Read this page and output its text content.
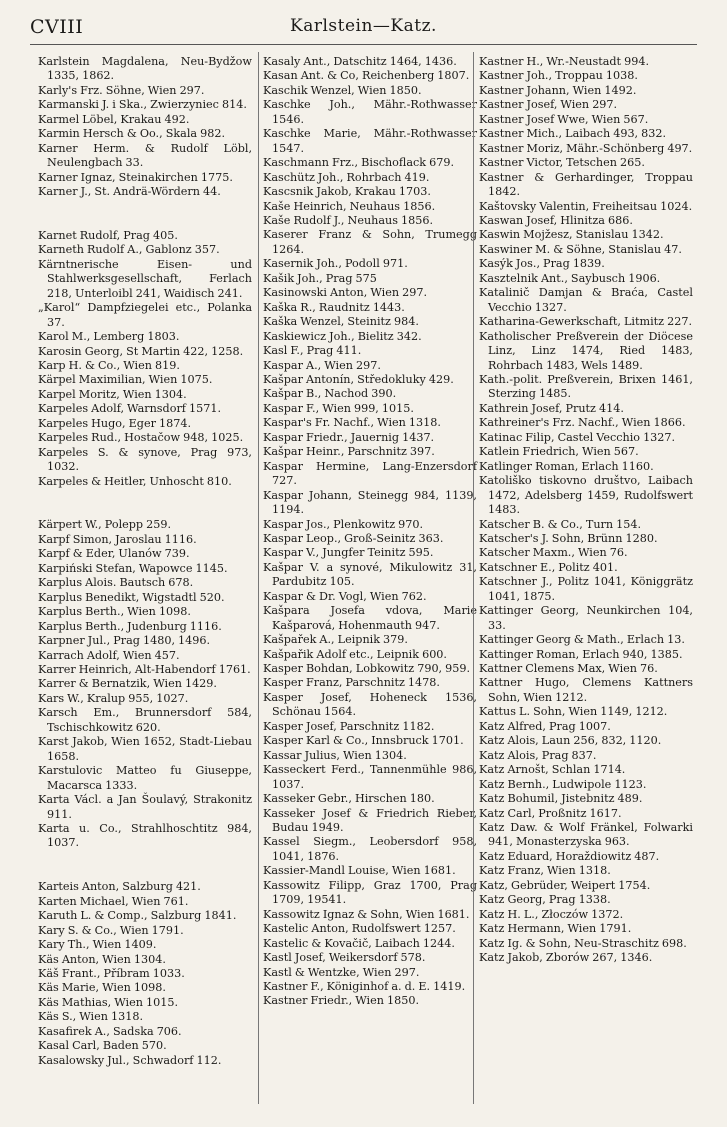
CVIII	Karlstein—Katz.

Karlstein Magdalena, Neu-Bydžow 1335, 1862.

Karly's Frz. Söhne, Wien 297.

Karmanski J. i Ska., Zwierzyniec 814.

Karmel Löbel, Krakau 492.

Karmin Hersch & Oo., Skala 982.

Karner Herm. & Rudolf Löbl, Neulengbach 33.

Karner Ignaz, Steinakirchen 1775.

Karner J., St. Andrä-Wördern 44.

Karnet Rudolf, Prag 405.

Karneth Rudolf A., Gablonz 357.

Kärntnerische Eisen- und Stahlwerksgesellschaft, Ferlach 218, Unterloibl 241, Waidisch 241.

„Karol“ Dampfziegelei etc., Polanka 37.

Karol M., Lemberg 1803.

Karosin Georg, St Martin 422, 1258.

Karp H. & Co., Wien 819.

Kärpel Maximilian, Wien 1075.

Karpel Moritz, Wien 1304.

Karpeles Adolf, Warnsdorf 1571.

Karpeles Hugo, Eger 1874.

Karpeles Rud., Hostačow 948, 1025.

Karpeles S. & synove, Prag 973, 1032.

Karpeles & Heitler, Unhoscht 810.

Kärpert W., Polepp 259.

Karpf Simon, Jaroslau 1116.

Karpf & Eder, Ulanów 739.

Karpiński Stefan, Wapowce 1145.

Karplus Alois. Bautsch 678.

Karplus Benedikt, Wigstadtl 520.

Karplus Berth., Wien 1098.

Karplus Berth., Judenburg 1116.

Karpner Jul., Prag 1480, 1496.

Karrach Adolf, Wien 457.

Karrer Heinrich, Alt-Habendorf 1761.

Karrer & Bernatzik, Wien 1429.

Kars W., Kralup 955, 1027.

Karsch Em., Brunnersdorf 584, Tschischkowitz 620.

Karst Jakob, Wien 1652, Stadt-Liebau 1658.

Karstulovic Matteo fu Giuseppe, Macarsca 1333.

Karta Václ. a Jan Šoulavý, Strakonitz 911.

Karta u. Co., Strahlhoschtitz 984, 1037.

Karteis Anton, Salzburg 421.

Karten Michael, Wien 761.

Karuth L. & Comp., Salzburg 1841.

Kary S. & Co., Wien 1791.

Kary Th., Wien 1409.

Käs Anton, Wien 1304.

Käš Frant., Příbram 1033.

Käs Marie, Wien 1098.

Käs Mathias, Wien 1015.

Käs S., Wien 1318.

Kasafirek A., Sadska 706.

Kasal Carl, Baden 570.

Kasalowsky Jul., Schwadorf 112.

Kasaly Ant., Datschitz 1464, 1436.

Kasan Ant. & Co, Reichenberg 1807.

Kaschik Wenzel, Wien 1850.

Kaschke Joh., Mähr.-Rothwasser 1546.

Kaschke Marie, Mähr.-Rothwasser 1547.

Kaschmann Frz., Bischoflack 679.

Kaschütz Joh., Rohrbach 419.

Kascsnik Jakob, Krakau 1703.

Kaše Heinrich, Neuhaus 1856.

Kaše Rudolf J., Neuhaus 1856.

Kaserer Franz & Sohn, Trumegg 1264.

Kasernik Joh., Podoll 971.

Kašik Joh., Prag 575

Kasinowski Anton, Wien 297.

Kaška R., Raudnitz 1443.

Kaška Wenzel, Steinitz 984.

Kaskiewicz Joh., Bielitz 342.

Kasl F., Prag 411.

Kaspar A., Wien 297.

Kašpar Antonín, Středokluky 429.

Kašpar B., Nachod 390.

Kaspar F., Wien 999, 1015.

Kaspar's Fr. Nachf., Wien 1318.

Kaspar Friedr., Jauernig 1437.

Kašpar Heinr., Parschnitz 397.

Kaspar Hermine, Lang-Enzersdorf 727.

Kaspar Johann, Steinegg 984, 1139, 1194.

Kaspar Jos., Plenkowitz 970.

Kaspar Leop., Groß-Seinitz 363.

Kaspar V., Jungfer Teinitz 595.

Kašpar V. a synové, Mikulowitz 31, Pardubitz 105.

Kaspar & Dr. Vogl, Wien 762.

Kašpara Josefa vdova, Marie Kašparová, Hohenmauth 947.

Kašpařek A., Leipnik 379.

Kašpařik Adolf etc., Leipnik 600.

Kasper Bohdan, Lobkowitz 790, 959.

Kasper Franz, Parschnitz 1478.

Kasper Josef, Hoheneck 1536, Schönau 1564.

Kasper Josef, Parschnitz 1182.

Kasper Karl & Co., Innsbruck 1701.

Kassar Julius, Wien 1304.

Kasseckert Ferd., Tannenmühle 986, 1037.

Kasseker Gebr., Hirschen 180.

Kasseker Josef & Friedrich Rieber, Budau 1949.

Kassel Siegm., Leobersdorf 958, 1041, 1876.

Kassier-Mandl Louise, Wien 1681.

Kassowitz Filipp, Graz 1700, Prag 1709, 19541.

Kassowitz Ignaz & Sohn, Wien 1681.

Kastelic Anton, Rudolfswert 1257.

Kastelic & Kovačič, Laibach 1244.

Kastl Josef, Weikersdorf 578.

Kastl & Wentzke, Wien 297.

Kastner F., Königinhof a. d. E. 1419.

Kastner Friedr., Wien 1850.

Kastner H., Wr.-Neustadt 994.

Kastner Joh., Troppau 1038.

Kastner Johann, Wien 1492.

Kastner Josef, Wien 297.

Kastner Josef Wwe, Wien 567.

Kastner Mich., Laibach 493, 832.

Kastner Moriz, Mähr.-Schönberg 497.

Kastner Victor, Tetschen 265.

Kastner & Gerhardinger, Troppau 1842.

Kaštovsky Valentin, Freiheitsau 1024.

Kaswan Josef, Hlinitza 686.

Kaswin Mojžesz, Stanislau 1342.

Kaswiner M. & Söhne, Stanislau 47.

Kasýk Jos., Prag 1839.

Kasztelnik Ant., Saybusch 1906.

Katalinič Damjan & Braća, Castel Vecchio 1327.

Katharina-Gewerkschaft, Litmitz 227.

Katholischer Preßverein der Diöcese Linz, Linz 1474, Ried 1483, Rohrbach 1483, Wels 1489.

Kath.-polit. Preßverein, Brixen 1461, Sterzing 1485.

Kathrein Josef, Prutz 414.

Kathreiner's Frz. Nachf., Wien 1866.

Katinac Filip, Castel Vecchio 1327.

Katlein Friedrich, Wien 567.

Katlinger Roman, Erlach 1160.

Katoliško tiskovno društvo, Laibach 1472, Adelsberg 1459, Rudolfswert 1483.

Katscher B. & Co., Turn 154.

Katscher's J. Sohn, Brünn 1280.

Katscher Maxm., Wien 76.

Katschner E., Politz 401.

Katschner J., Politz 1041, Königgrätz 1041, 1875.

Kattinger Georg, Neunkirchen 104, 33.

Kattinger Georg & Math., Erlach 13.

Kattinger Roman, Erlach 940, 1385.

Kattner Clemens Max, Wien 76.

Kattner Hugo, Clemens Kattners Sohn, Wien 1212.

Kattus L. Sohn, Wien 1149, 1212.

Katz Alfred, Prag 1007.

Katz Alois, Laun 256, 832, 1120.

Katz Alois, Prag 837.

Katz Arnošt, Schlan 1714.

Katz Bernh., Ludwipole 1123.

Katz Bohumil, Jistebnitz 489.

Katz Carl, Proßnitz 1617.

Katz Daw. & Wolf Fränkel, Folwarki 941, Monasterzyska 963.

Katz Eduard, Horaždiowitz 487.

Katz Franz, Wien 1318.

Katz, Gebrüder, Weipert 1754.

Katz Georg, Prag 1338.

Katz H. L., Złoczów 1372.

Katz Hermann, Wien 1791.

Katz Ig. & Sohn, Neu-Straschitz 698.

Katz Jakob, Zborów 267, 1346.
